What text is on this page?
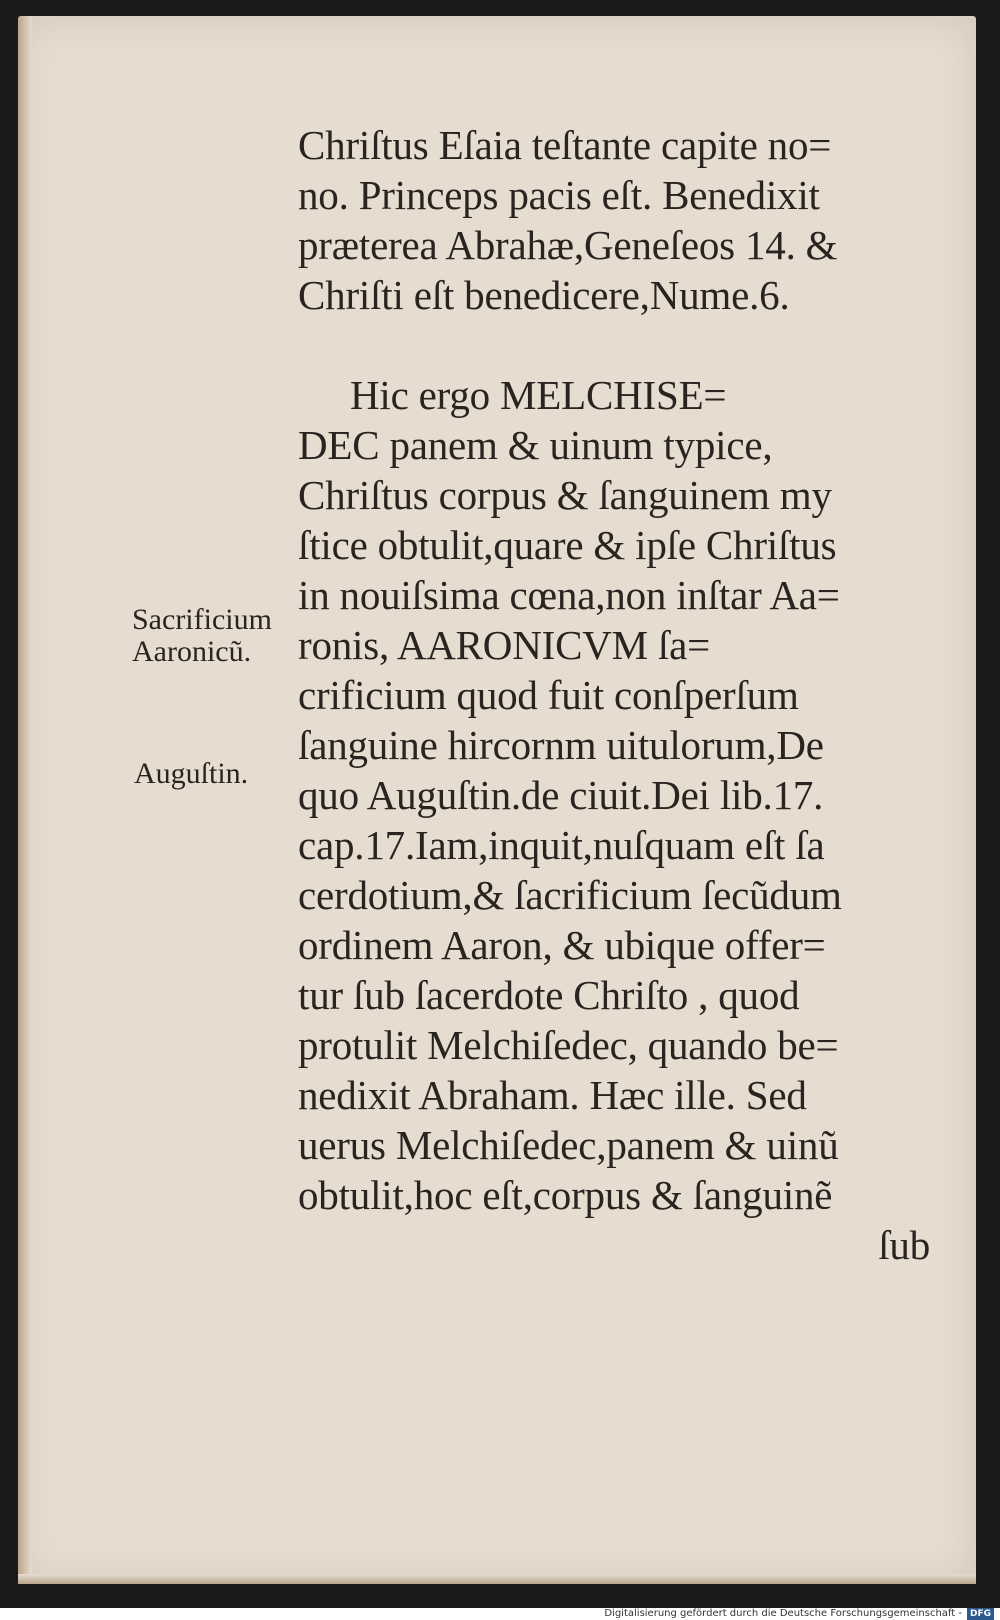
Chriſtus Eſaia teſtante capite no=
no. Princeps pacis eſt. Benedixit
præterea Abrahæ,Geneſeos 14. &
Chriſti eſt benedicere,Nume.6.
Hic ergo MELCHISE=
DEC panem & uinum typice,
Chriſtus corpus & ſanguinem my
ſtice obtulit,quare & ipſe Chriſtus
in nouiſsima cœna,non inſtar Aa=
ronis, AARONICVM ſa=
crificium quod fuit conſperſum
ſanguine hircornm uitulorum,De
quo Auguſtin.de ciuit.Dei lib.17.
cap.17.Iam,inquit,nuſquam eſt ſa
cerdotium,& ſacrificium ſecũdum
ordinem Aaron, & ubique offer=
tur ſub ſacerdote Chriſto , quod
protulit Melchiſedec, quando be=
nedixit Abraham. Hæc ille. Sed
uerus Melchiſedec,panem & uinũ
obtulit,hoc eſt,corpus & ſanguinẽ
ſub
Sacrificium
Aaronicũ.
Auguſtin.
Digitalisierung gefördert durch die Deutsche Forschungsgemeinschaft - DFG
